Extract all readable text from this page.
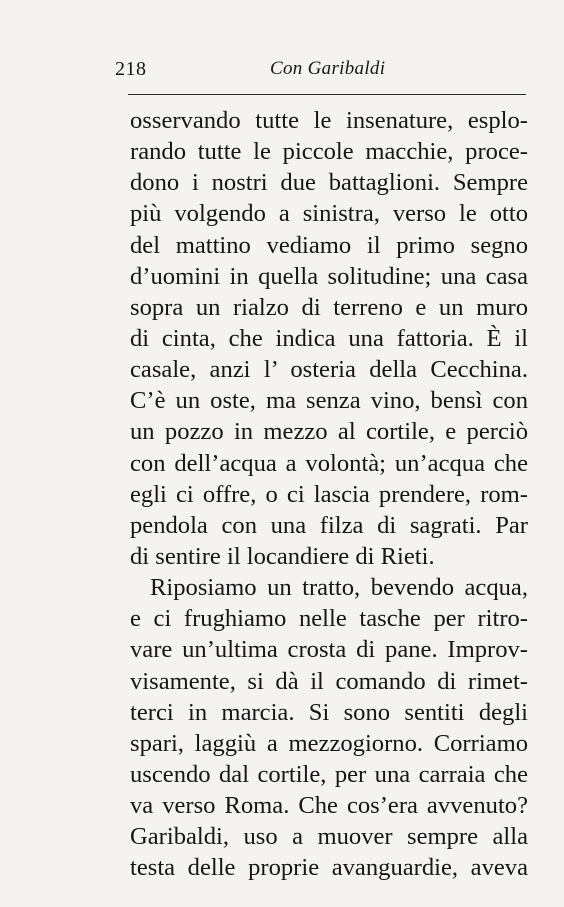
218	Con Garibaldi
osservando tutte le insenature, esplo-
rando tutte le piccole macchie, proce-
dono i nostri due battaglioni. Sempre
più volgendo a sinistra, verso le otto
del mattino vediamo il primo segno
d’uomini in quella solitudine; una casa
sopra un rialzo di terreno e un muro
di cinta, che indica una fattoria. È il
casale, anzi l’ osteria della Cecchina.
C’è un oste, ma senza vino, bensì con
un pozzo in mezzo al cortile, e perciò
con dell’acqua a volontà; un’acqua che
egli ci offre, o ci lascia prendere, rom-
pendola con una filza di sagrati. Par
di sentire il locandiere di Rieti.
Riposiamo un tratto, bevendo acqua,
e ci frughiamo nelle tasche per ritro-
vare un’ultima crosta di pane. Improv-
visamente, si dà il comando di rimet-
terci in marcia. Si sono sentiti degli
spari, laggiù a mezzogiorno. Corriamo
uscendo dal cortile, per una carraia che
va verso Roma. Che cos’era avvenuto?
Garibaldi, uso a muover sempre alla
testa delle proprie avanguardie, aveva
